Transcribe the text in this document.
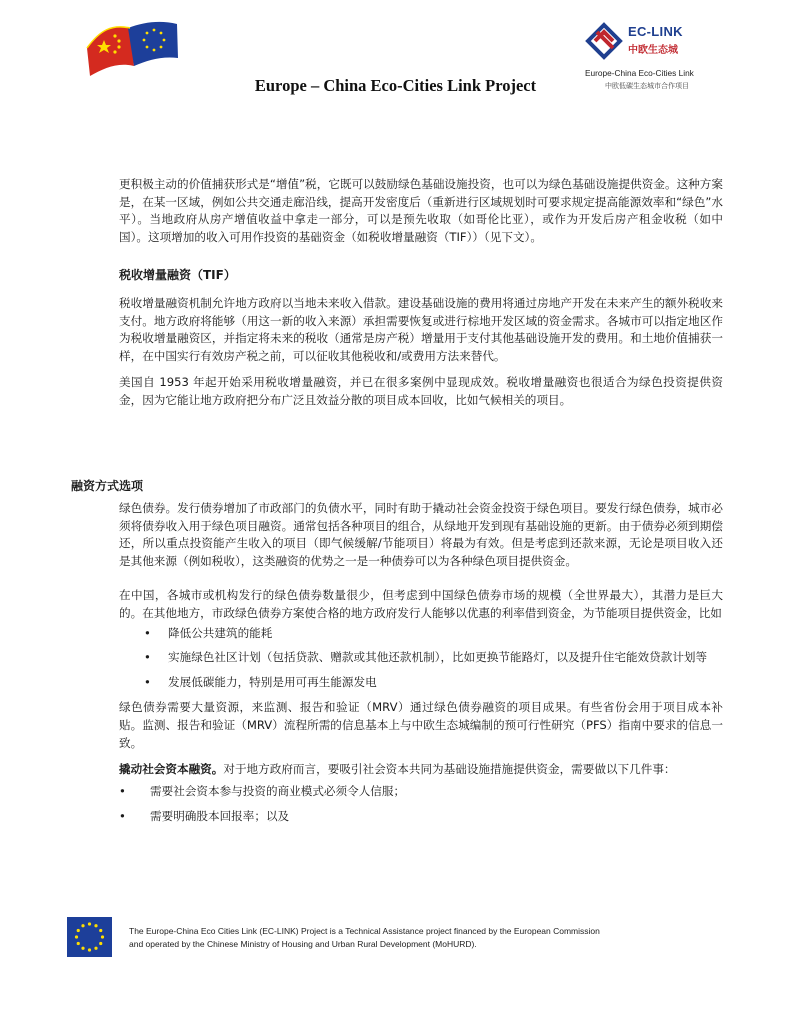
Europe – China Eco-Cities Link Project
EC-LINK
中欧生态城
Europe-China Eco-Cities Link
中欧低碳生态城市合作项目

更积极主动的价值捕获形式是“增值”税，它既可以鼓励绿色基础设施投资，也可以为绿色基础设施提供资金。这种方案是，在某一区域，例如公共交通走廊沿线，提高开发密度后（重新进行区域规划时可要求规定提高能源效率和“绿色”水平）。当地政府从房产增值收益中拿走一部分，可以是预先收取（如哥伦比亚），或作为开发后房产租金收税（如中国）。这项增加的收入可用作投资的基础资金（如税收增量融资（TIF））（见下文）。

税收增量融资（TIF）

税收增量融资机制允许地方政府以当地未来收入借款。建设基础设施的费用将通过房地产开发在未来产生的额外税收来支付。地方政府将能够（用这一新的收入来源）承担需要恢复或进行棕地开发区域的资金需求。各城市可以指定地区作为税收增量融资区，并指定将未来的税收（通常是房产税）增量用于支付其他基础设施开发的费用。和土地价值捕获一样，在中国实行有效房产税之前，可以征收其他税收和/或费用方法来替代。

美国自 1953 年起开始采用税收增量融资，并已在很多案例中显现成效。税收增量融资也很适合为绿色投资提供资金，因为它能让地方政府把分布广泛且效益分散的项目成本回收，比如气候相关的项目。

融资方式选项

绿色债券。发行债券增加了市政部门的负债水平，同时有助于撬动社会资金投资于绿色项目。要发行绿色债券，城市必须将债券收入用于绿色项目融资。通常包括各种项目的组合，从绿地开发到现有基础设施的更新。由于债券必须到期偿还，所以重点投资能产生收入的项目（即气候缓解/节能项目）将最为有效。但是考虑到还款来源，无论是项目收入还是其他来源（例如税收），这类融资的优势之一是一种债券可以为各种绿色项目提供资金。

在中国，各城市或机构发行的绿色债券数量很少，但考虑到中国绿色债券市场的规模（全世界最大），其潜力是巨大的。在其他地方，市政绿色债券方案使合格的地方政府发行人能够以优惠的利率借到资金，为节能项目提供资金，比如

• 降低公共建筑的能耗
• 实施绿色社区计划（包括贷款、赠款或其他还款机制），比如更换节能路灯，以及提升住宅能效贷款计划等
• 发展低碳能力，特别是用可再生能源发电

绿色债券需要大量资源，来监测、报告和验证（MRV）通过绿色债券融资的项目成果。有些省份会用于项目成本补贴。监测、报告和验证（MRV）流程所需的信息基本上与中欧生态城编制的预可行性研究（PFS）指南中要求的信息一致。

撬动社会资本融资。对于地方政府而言，要吸引社会资本共同为基础设施措施提供资金，需要做以下几件事：

• 需要社会资本参与投资的商业模式必须令人信服；
• 需要明确股本回报率；以及
The Europe-China Eco Cities Link (EC-LINK) Project is a Technical Assistance project financed by the European Commission and operated by the Chinese Ministry of Housing and Urban Rural Development (MoHURD).
